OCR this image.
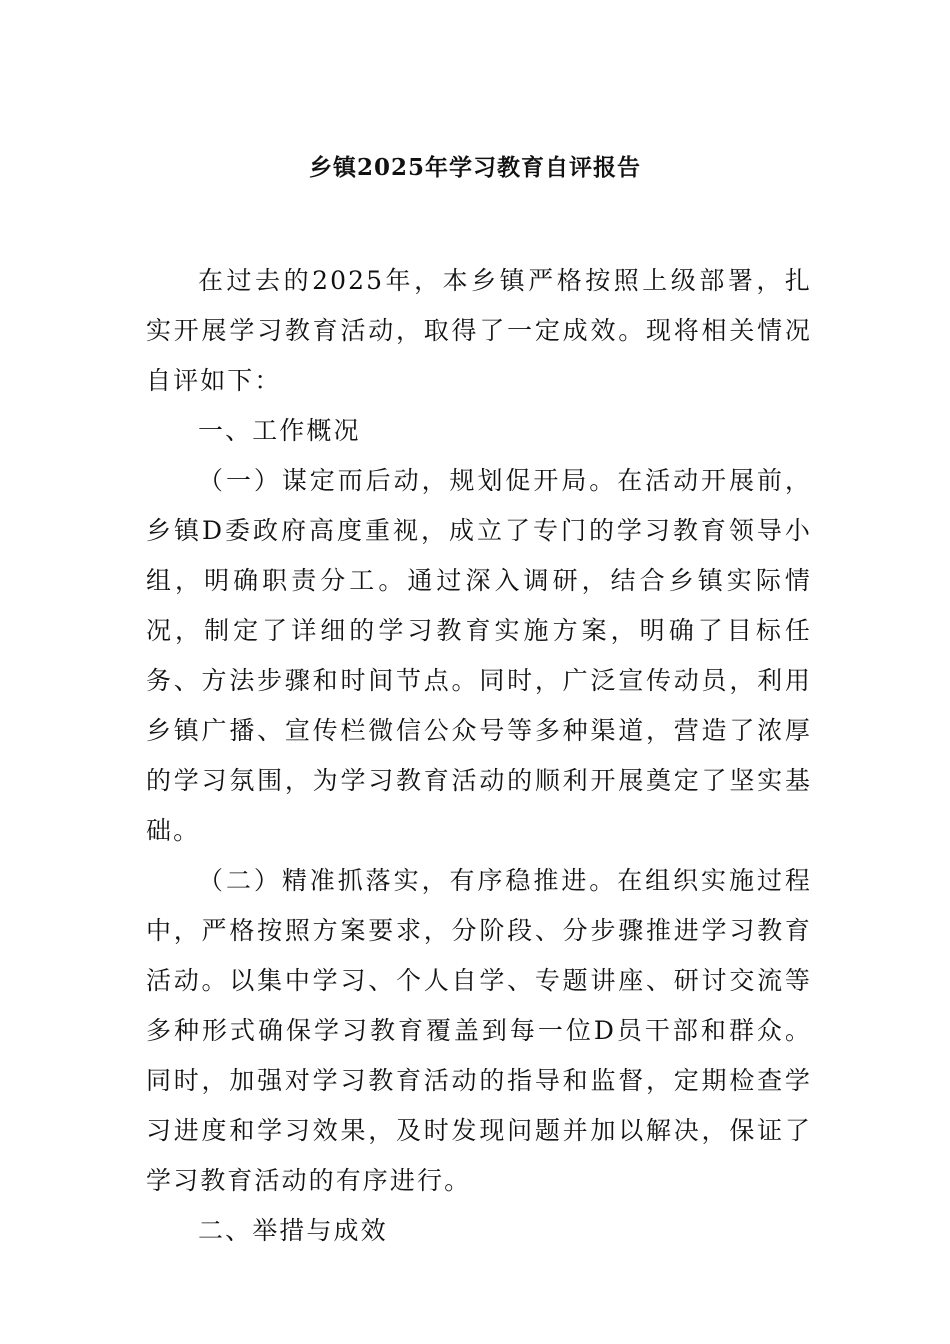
乡镇2025年学习教育自评报告

在过去的2025年，本乡镇严格按照上级部署，扎实开展学习教育活动，取得了一定成效。现将相关情况自评如下：

一、工作概况

（一）谋定而后动，规划促开局。在活动开展前，乡镇D委政府高度重视，成立了专门的学习教育领导小组，明确职责分工。通过深入调研，结合乡镇实际情况，制定了详细的学习教育实施方案，明确了目标任务、方法步骤和时间节点。同时，广泛宣传动员，利用乡镇广播、宣传栏微信公众号等多种渠道，营造了浓厚的学习氛围，为学习教育活动的顺利开展奠定了坚实基础。

（二）精准抓落实，有序稳推进。在组织实施过程中，严格按照方案要求，分阶段、分步骤推进学习教育活动。以集中学习、个人自学、专题讲座、研讨交流等多种形式确保学习教育覆盖到每一位D员干部和群众。同时，加强对学习教育活动的指导和监督，定期检查学习进度和学习效果，及时发现问题并加以解决，保证了学习教育活动的有序进行。

二、举措与成效
